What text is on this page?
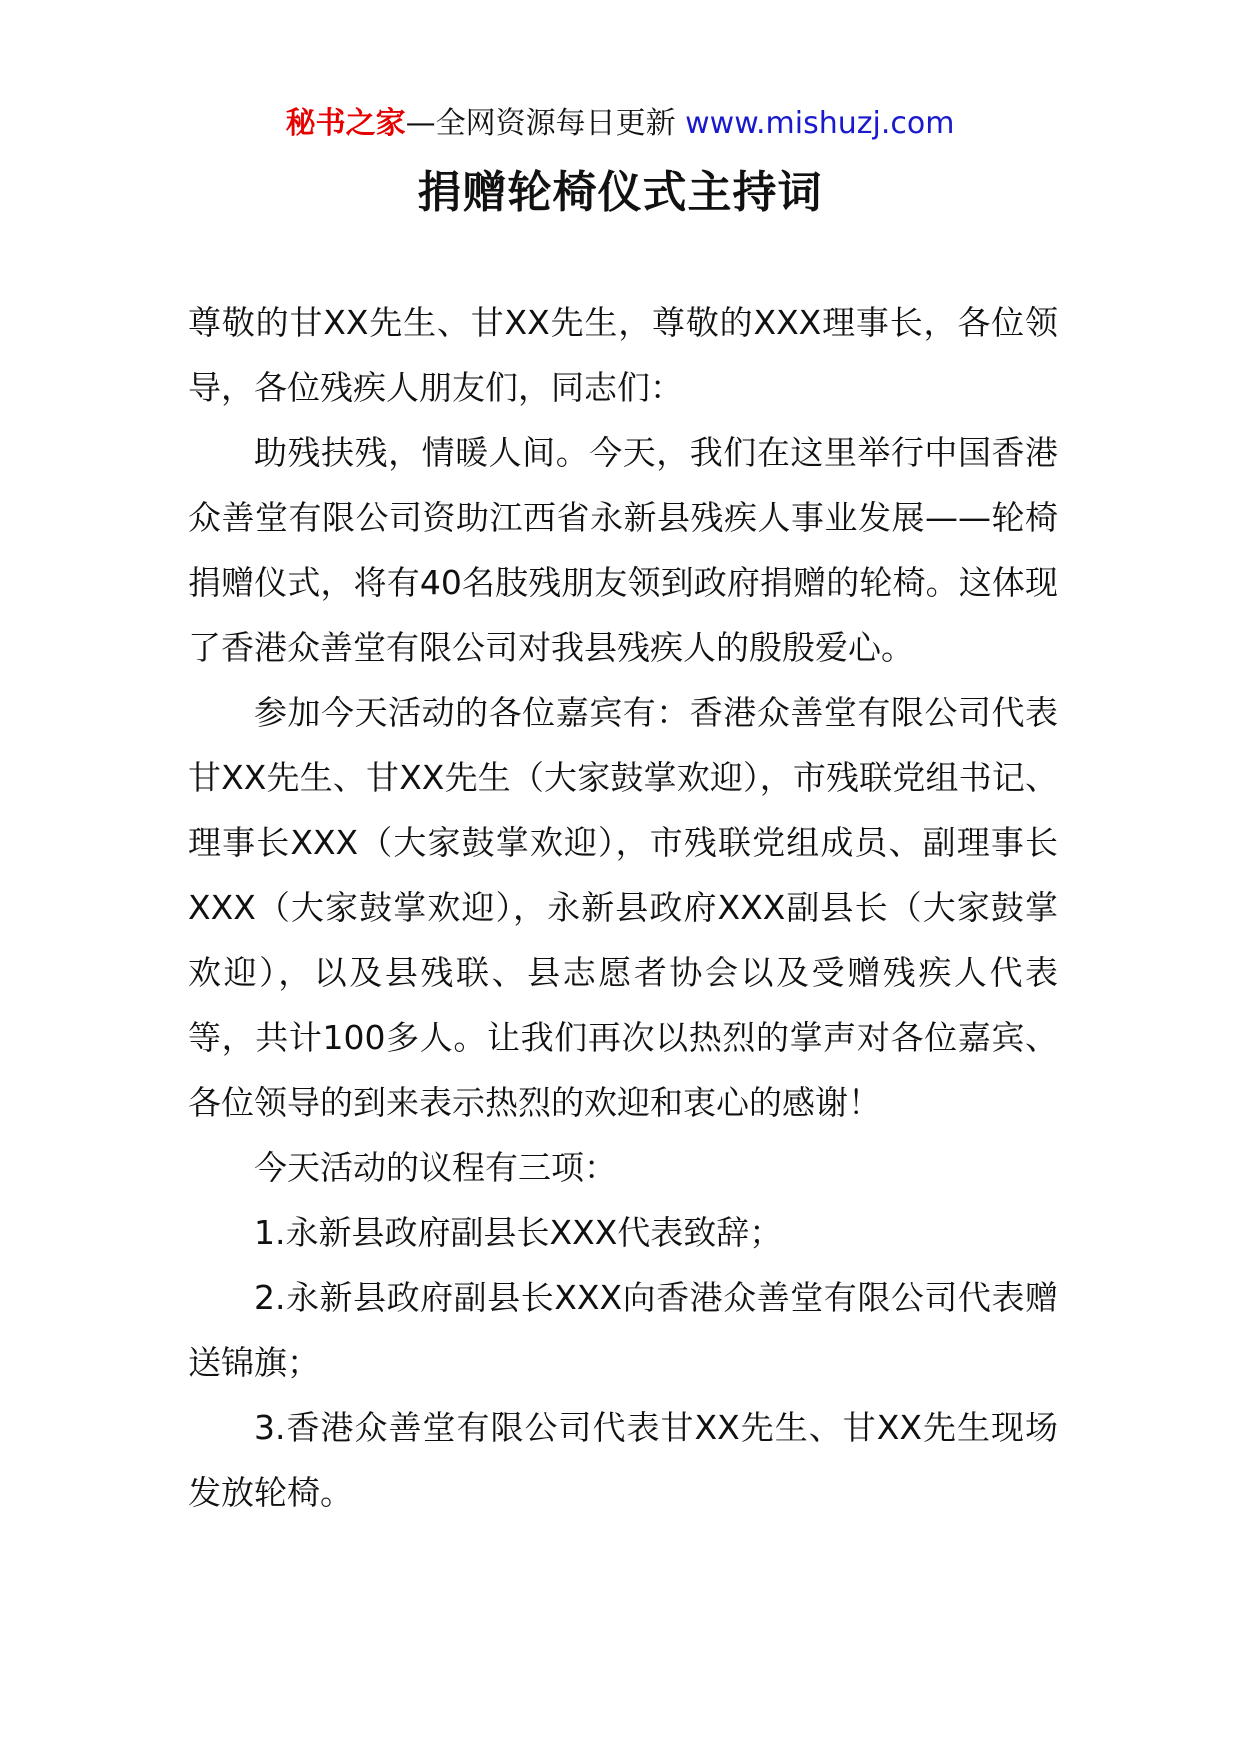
秘书之家—全网资源每日更新 www.mishuzj.com
捐赠轮椅仪式主持词

尊敬的甘XX先生、甘XX先生，尊敬的XXX理事长，各位领导，各位残疾人朋友们，同志们：

助残扶残，情暖人间。今天，我们在这里举行中国香港众善堂有限公司资助江西省永新县残疾人事业发展——轮椅捐赠仪式，将有40名肢残朋友领到政府捐赠的轮椅。这体现了香港众善堂有限公司对我县残疾人的殷殷爱心。

参加今天活动的各位嘉宾有：香港众善堂有限公司代表甘XX先生、甘XX先生（大家鼓掌欢迎），市残联党组书记、理事长XXX（大家鼓掌欢迎），市残联党组成员、副理事长XXX（大家鼓掌欢迎），永新县政府XXX副县长（大家鼓掌欢迎），以及县残联、县志愿者协会以及受赠残疾人代表等，共计100多人。让我们再次以热烈的掌声对各位嘉宾、各位领导的到来表示热烈的欢迎和衷心的感谢！

今天活动的议程有三项：

1.永新县政府副县长XXX代表致辞；

2.永新县政府副县长XXX向香港众善堂有限公司代表赠送锦旗；

3.香港众善堂有限公司代表甘XX先生、甘XX先生现场发放轮椅。
